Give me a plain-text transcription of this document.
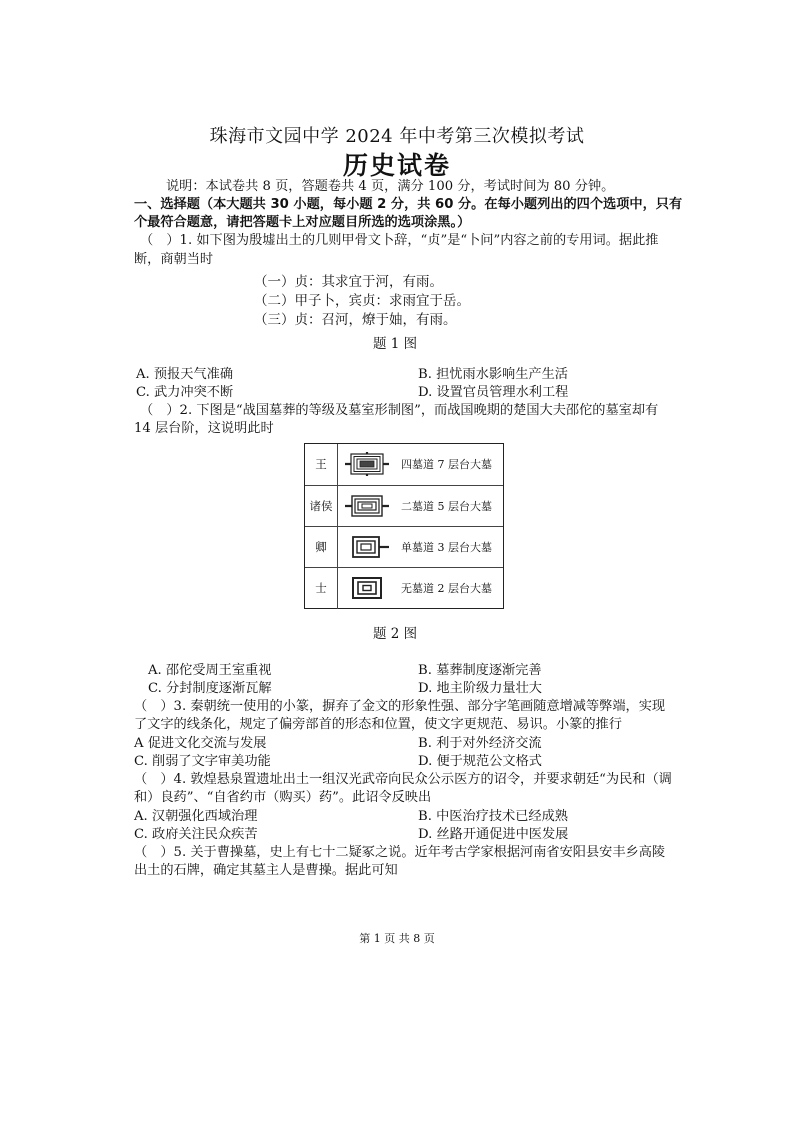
珠海市文园中学 2024 年中考第三次模拟考试
历史试卷
说明：本试卷共 8 页，答题卷共 4 页，满分 100 分，考试时间为 80 分钟。
一、选择题（本大题共 30 小题，每小题 2 分，共 60 分。在每小题列出的四个选项中，只有
个最符合题意，请把答题卡上对应题目所选的选项涂黑。）
（　）1. 如下图为殷墟出土的几则甲骨文卜辞，“贞”是“卜问”内容之前的专用词。据此推
断，商朝当时
（一）贞：其求宜于河，有雨。
（二）甲子卜，宾贞：求雨宜于岳。
（三）贞：召河，燎于妯，有雨。
题 1 图
A. 预报天气准确	B. 担忧雨水影响生产生活
C. 武力冲突不断	D. 设置官员管理水利工程
（　）2. 下图是“战国墓葬的等级及墓室形制图”，而战国晚期的楚国大夫邵佗的墓室却有
14 层台阶，这说明此时
王	四墓道 7 层台大墓
诸侯	二墓道 5 层台大墓
卿	单墓道 3 层台大墓
士	无墓道 2 层台大墓
题 2 图
A. 邵佗受周王室重视	B. 墓葬制度逐渐完善
C. 分封制度逐渐瓦解	D. 地主阶级力量壮大
（　）3. 秦朝统一使用的小篆，摒弃了金文的形象性强、部分字笔画随意增减等弊端，实现
了文字的线条化，规定了偏旁部首的形态和位置，使文字更规范、易识。小篆的推行
A 促进文化交流与发展	B. 利于对外经济交流
C. 削弱了文字审美功能	D. 便于规范公文格式
（　）4. 敦煌悬泉置遗址出土一组汉光武帝向民众公示医方的诏令，并要求朝廷“为民和（调
和）良药”、“自省约市（购买）药”。此诏令反映出
A. 汉朝强化西域治理	B. 中医治疗技术已经成熟
C. 政府关注民众疾苦	D. 丝路开通促进中医发展
（　）5. 关于曹操墓，史上有七十二疑冢之说。近年考古学家根据河南省安阳县安丰乡高陵
出土的石牌，确定其墓主人是曹操。据此可知
第 1 页 共 8 页
